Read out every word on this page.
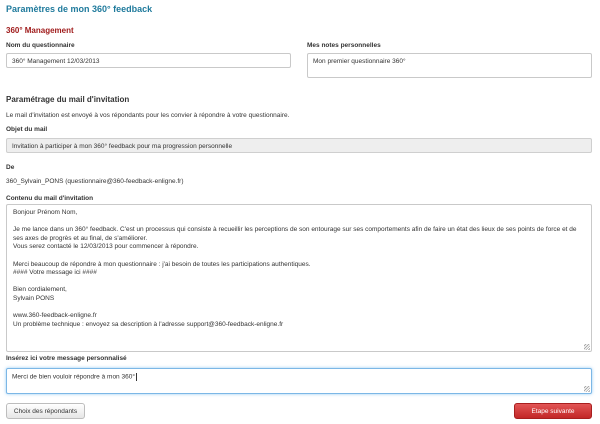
Paramètres de mon 360° feedback
360° Management
Nom du questionnaire
360° Management 12/03/2013
Mes notes personnelles
Mon premier questionnaire 360°
Paramétrage du mail d'invitation
Le mail d'invitation est envoyé à vos répondants pour les convier à répondre à votre questionnaire.
Objet du mail
Invitation à participer à mon 360° feedback pour ma progression personnelle
De
360_Sylvain_PONS (questionnaire@360-feedback-enligne.fr)
Contenu du mail d'invitation
Bonjour Prénom Nom,
Je me lance dans un 360° feedback. C'est un processus qui consiste à recueillir les perceptions de son entourage sur ses comportements afin de faire un état des lieux de ses points de force et de ses axes de progrès et au final, de s'améliorer.
Vous serez contacté le 12/03/2013 pour commencer à répondre.
Merci beaucoup de répondre à mon questionnaire : j'ai besoin de toutes les participations authentiques.
#### Votre message ici ####
Bien cordialement,
Sylvain PONS
www.360-feedback-enligne.fr
Un problème technique : envoyez sa description à l'adresse support@360-feedback-enligne.fr
Insérez ici votre message personnalisé
Merci de bien vouloir répondre à mon 360°
Choix des répondants	Etape suivante
